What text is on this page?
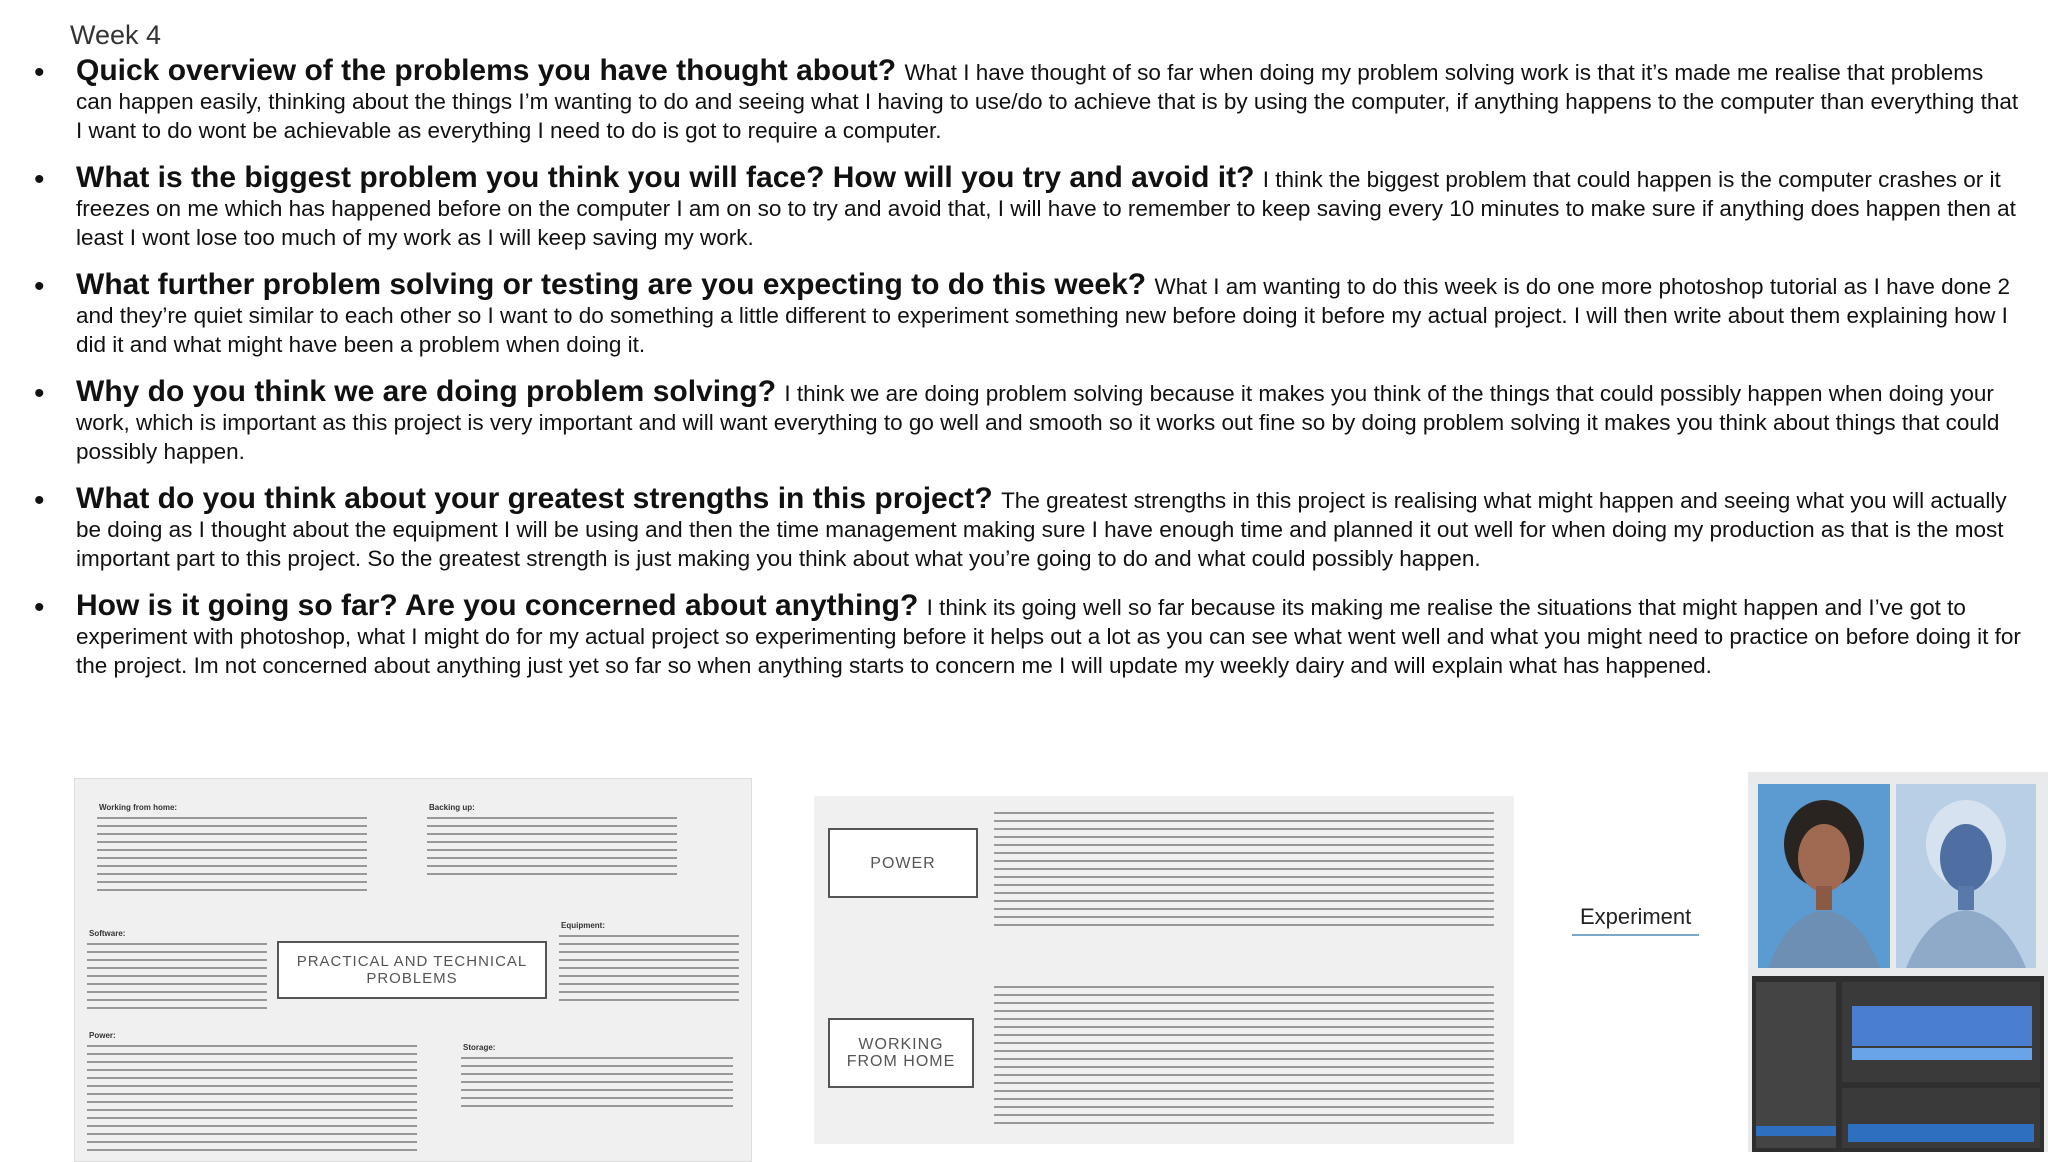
Week 4
• Quick overview of the problems you have thought about? What I have thought of so far when doing my problem solving work is that it’s made me realise that problems can happen easily, thinking about the things I’m wanting to do and seeing what I having to use/do to achieve that is by using the computer, if anything happens to the computer than everything that I want to do wont be achievable as everything I need to do is got to require a computer.
• What is the biggest problem you think you will face? How will you try and avoid it? I think the biggest problem that could happen is the computer crashes or it freezes on me which has happened before on the computer I am on so to try and avoid that, I will have to remember to keep saving every 10 minutes to make sure if anything does happen then at least I wont lose too much of my work as I will keep saving my work.
• What further problem solving or testing are you expecting to do this week? What I am wanting to do this week is do one more photoshop tutorial as I have done 2 and they’re quiet similar to each other so I want to do something a little different to experiment something new before doing it before my actual project. I will then write about them explaining how I did it and what might have been a problem when doing it.
• Why do you think we are doing problem solving? I think we are doing problem solving because it makes you think of the things that could possibly happen when doing your work, which is important as this project is very important and will want everything to go well and smooth so it works out fine so by doing problem solving it makes you think about things that could possibly happen.
• What do you think about your greatest strengths in this project? The greatest strengths in this project is realising what might happen and seeing what you will actually be doing as I thought about the equipment I will be using and then the time management making sure I have enough time and planned it out well for when doing my production as that is the most important part to this project. So the greatest strength is just making you think about what you’re going to do and what could possibly happen.
• How is it going so far? Are you concerned about anything? I think its going well so far because its making me realise the situations that might happen and I’ve got to experiment with photoshop, what I might do for my actual project so experimenting before it helps out a lot as you can see what went well and what you might need to practice on before doing it for the project. Im not concerned about anything just yet so far so when anything starts to concern me I will update my weekly dairy and will explain what has happened.
Working from home:	Backing up:
Software:
Equipment:
PRACTICAL AND TECHNICAL PROBLEMS
Power:
Storage:
POWER
WORKING FROM HOME
Experiment
